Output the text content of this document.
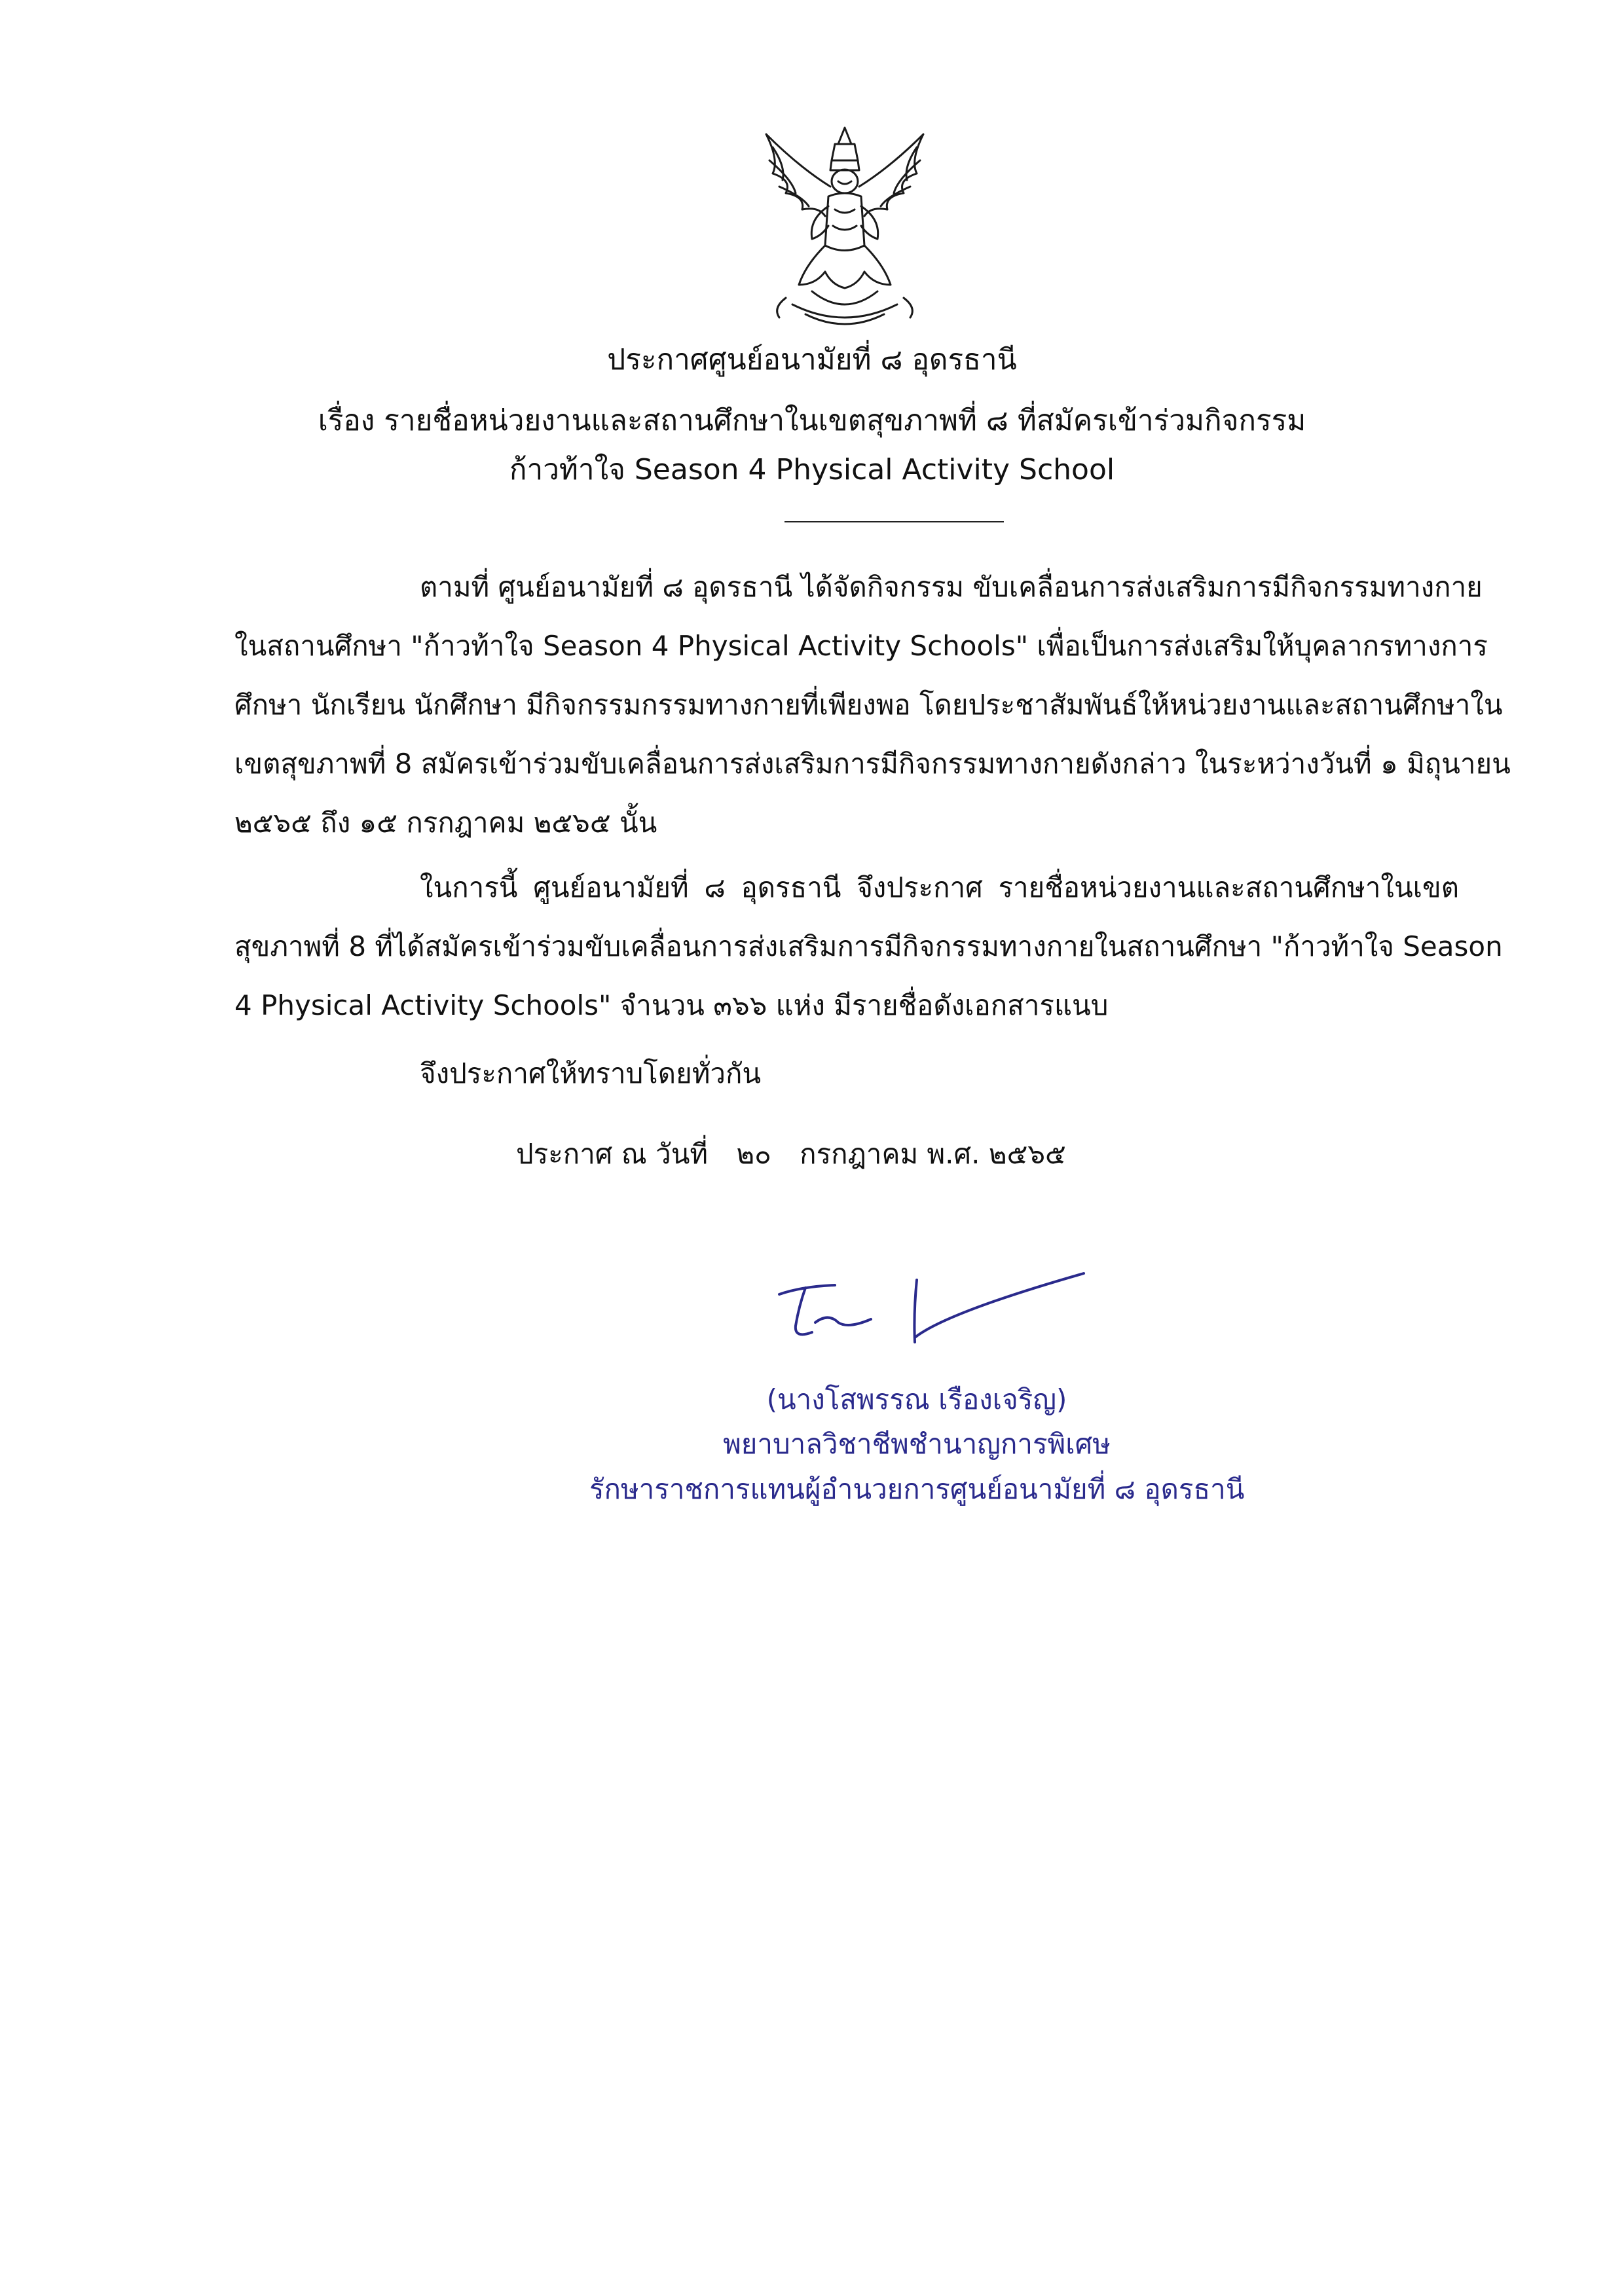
ประกาศศูนย์อนามัยที่ ๘ อุดรธานี
เรื่อง รายชื่อหน่วยงานและสถานศึกษาในเขตสุขภาพที่ ๘ ที่สมัครเข้าร่วมกิจกรรม
ก้าวท้าใจ Season 4 Physical Activity School
ตามที่ ศูนย์อนามัยที่ ๘ อุดรธานี ได้จัดกิจกรรม ขับเคลื่อนการส่งเสริมการมีกิจกรรมทางกาย
ในสถานศึกษา "ก้าวท้าใจ Season 4 Physical Activity Schools" เพื่อเป็นการส่งเสริมให้บุคลากรทางการ
ศึกษา นักเรียน นักศึกษา มีกิจกรรมกรรมทางกายที่เพียงพอ โดยประชาสัมพันธ์ให้หน่วยงานและสถานศึกษาใน
เขตสุขภาพที่ 8 สมัครเข้าร่วมขับเคลื่อนการส่งเสริมการมีกิจกรรมทางกายดังกล่าว ในระหว่างวันที่ ๑ มิถุนายน
๒๕๖๕ ถึง ๑๕ กรกฎาคม ๒๕๖๕ นั้น
ในการนี้ ศูนย์อนามัยที่ ๘ อุดรธานี จึงประกาศ รายชื่อหน่วยงานและสถานศึกษาในเขต
สุขภาพที่ 8 ที่ได้สมัครเข้าร่วมขับเคลื่อนการส่งเสริมการมีกิจกรรมทางกายในสถานศึกษา "ก้าวท้าใจ Season
4 Physical Activity Schools" จำนวน ๓๖๖ แห่ง มีรายชื่อดังเอกสารแนบ
จึงประกาศให้ทราบโดยทั่วกัน
ประกาศ ณ วันที่ ๒๐ กรกฎาคม พ.ศ. ๒๕๖๕
(นางโสพรรณ เรืองเจริญ)
พยาบาลวิชาชีพชำนาญการพิเศษ
รักษาราชการแทนผู้อำนวยการศูนย์อนามัยที่ ๘ อุดรธานี
